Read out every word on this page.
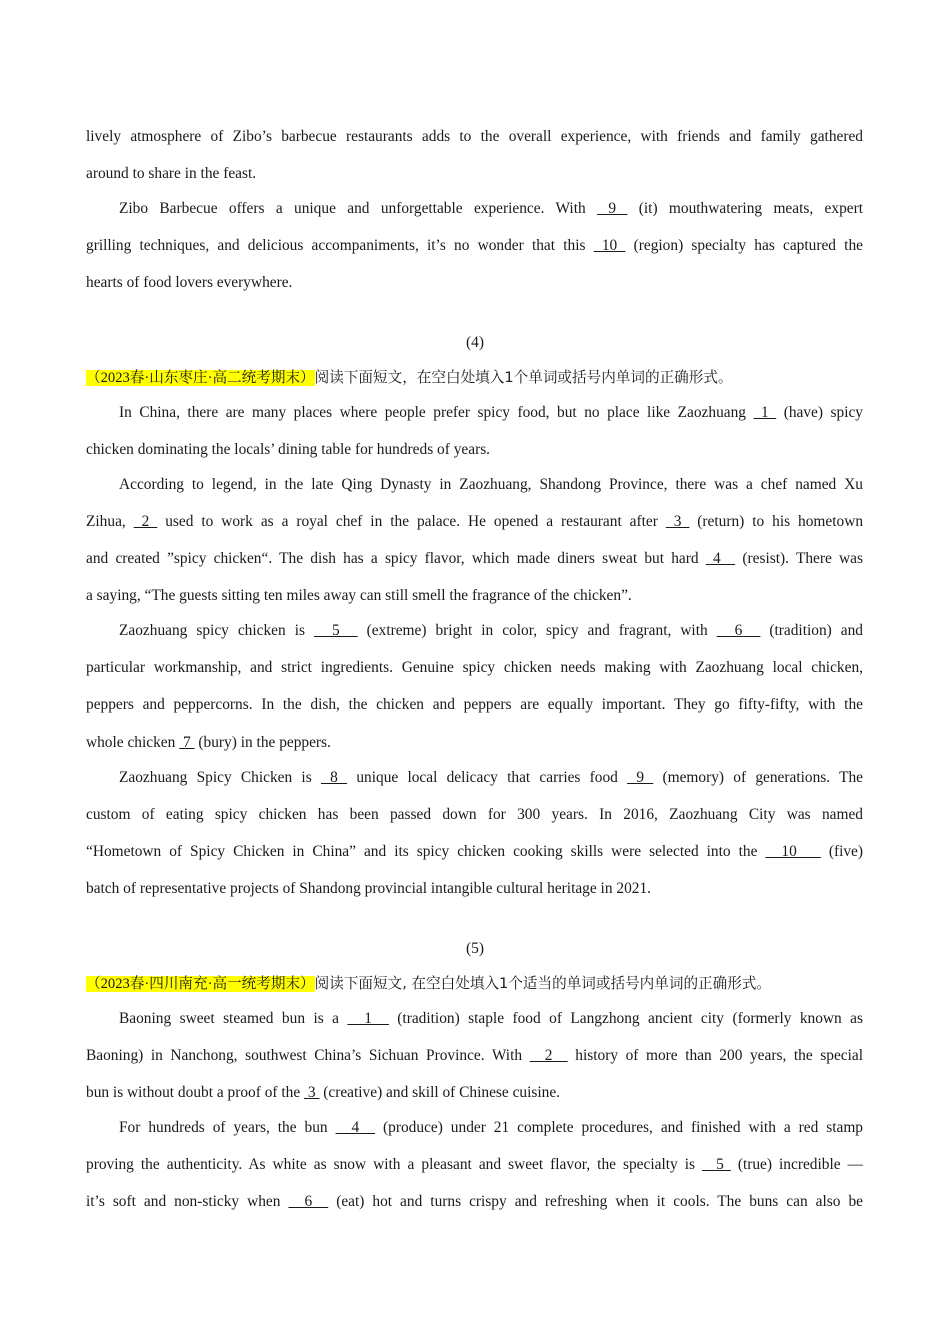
lively atmosphere of Zibo’s barbecue restaurants adds to the overall experience, with friends and family gathered
around to share in the feast.
Zibo Barbecue offers a unique and unforgettable experience. With  9  (it) mouthwatering meats, expert
grilling techniques, and delicious accompaniments, it’s no wonder that this  10  (region) specialty has captured the
hearts of food lovers everywhere.
(4)
（2023春·山东枣庄·高二统考期末）阅读下面短文，在空白处填入1个单词或括号内单词的正确形式。
In China, there are many places where people prefer spicy food, but no place like Zaozhuang  1  (have) spicy
chicken dominating the locals’ dining table for hundreds of years.
According to legend, in the late Qing Dynasty in Zaozhuang, Shandong Province, there was a chef named Xu
Zihua,  2  used to work as a royal chef in the palace. He opened a restaurant after  3  (return) to his hometown
and created ”spicy chicken“. The dish has a spicy flavor, which made diners sweat but hard  4   (resist). There was
a saying, “The guests sitting ten miles away can still smell the fragrance of the chicken”.
Zaozhuang spicy chicken is   5   (extreme) bright in color, spicy and fragrant, with   6   (tradition) and
particular workmanship, and strict ingredients. Genuine spicy chicken needs making with Zaozhuang local chicken,
peppers and peppercorns. In the dish, the chicken and peppers are equally important. They go fifty-fifty, with the
whole chicken  7  (bury) in the peppers.
Zaozhuang Spicy Chicken is  8  unique local delicacy that carries food  9  (memory) of generations. The
custom of eating spicy chicken has been passed down for 300 years. In 2016, Zaozhuang City was named
“Hometown of Spicy Chicken in China” and its spicy chicken cooking skills were selected into the   10    (five)
batch of representative projects of Shandong provincial intangible cultural heritage in 2021.
(5)
（2023春·四川南充·高一统考期末）阅读下面短文, 在空白处填入1个适当的单词或括号内单词的正确形式。
Baoning sweet steamed bun is a   1   (tradition) staple food of Langzhong ancient city (formerly known as
Baoning) in Nanchong, southwest China’s Sichuan Province. With   2   history of more than 200 years, the special
bun is without doubt a proof of the  3  (creative) and skill of Chinese cuisine.
For hundreds of years, the bun   4   (produce) under 21 complete procedures, and finished with a red stamp
proving the authenticity. As white as snow with a pleasant and sweet flavor, the specialty is   5  (true) incredible —
it’s soft and non-sticky when   6   (eat) hot and turns crispy and refreshing when it cools. The buns can also be
